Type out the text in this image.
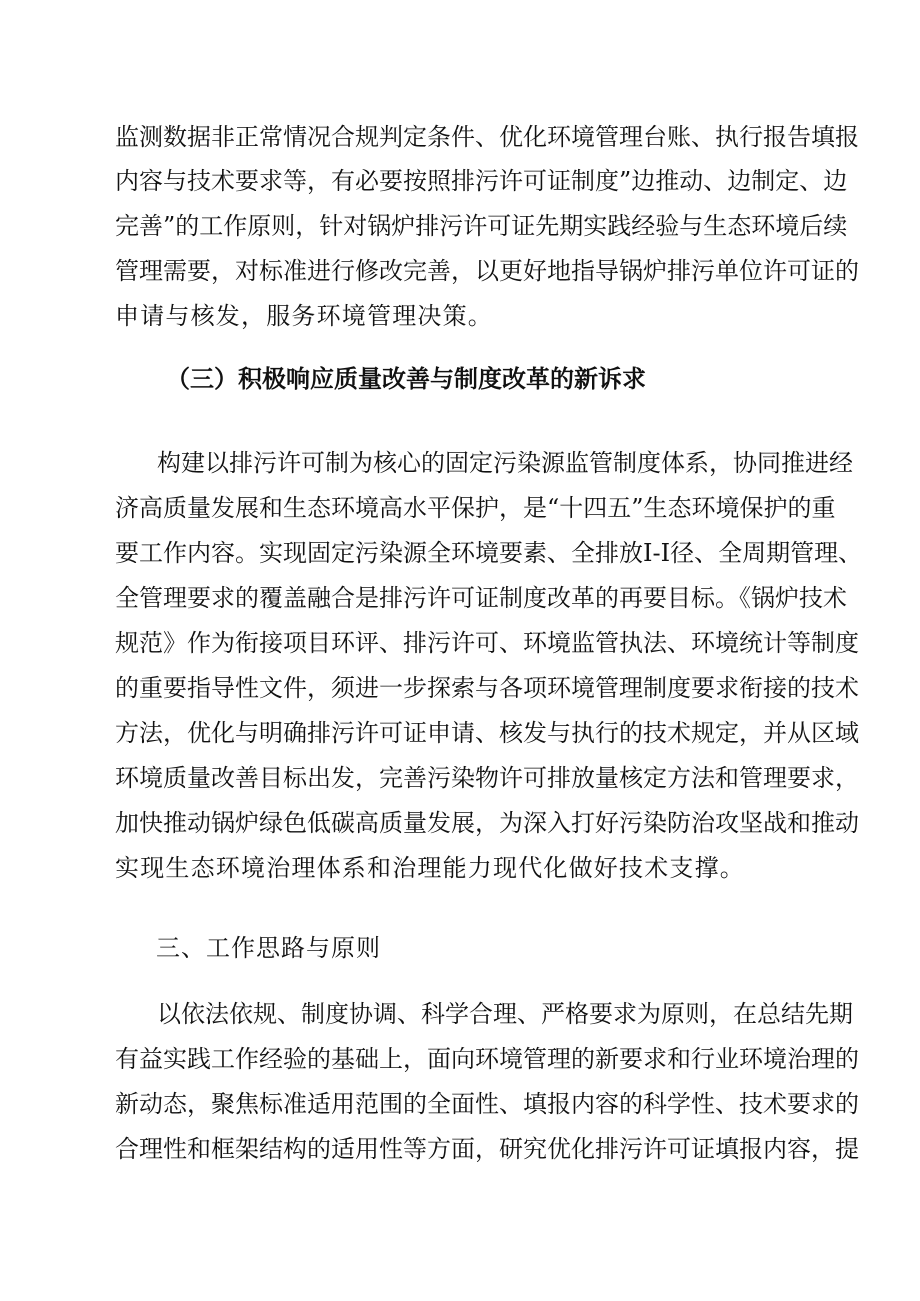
监测数据非正常情况合规判定条件、优化环境管理台账、执行报告填报
内容与技术要求等，有必要按照排污许可证制度”边推动、边制定、边
完善”的工作原则，针对锅炉排污许可证先期实践经验与生态环境后续
管理需要，对标准进行修改完善，以更好地指导锅炉排污单位许可证的
申请与核发，服务环境管理决策。
（三）积极响应质量改善与制度改革的新诉求
构建以排污许可制为核心的固定污染源监管制度体系，协同推进经
济高质量发展和生态环境高水平保护，是“十四五”生态环境保护的重
要工作内容。实现固定污染源全环境要素、全排放I-I径、全周期管理、
全管理要求的覆盖融合是排污许可证制度改革的再要目标。《锅炉技术
规范》作为衔接项目环评、排污许可、环境监管执法、环境统计等制度
的重要指导性文件，须进一步探索与各项环境管理制度要求衔接的技术
方法，优化与明确排污许可证申请、核发与执行的技术规定，并从区域
环境质量改善目标出发，完善污染物许可排放量核定方法和管理要求，
加快推动锅炉绿色低碳高质量发展，为深入打好污染防治攻坚战和推动
实现生态环境治理体系和治理能力现代化做好技术支撑。
三、工作思路与原则
以依法依规、制度协调、科学合理、严格要求为原则，在总结先期
有益实践工作经验的基础上，面向环境管理的新要求和行业环境治理的
新动态，聚焦标准适用范围的全面性、填报内容的科学性、技术要求的
合理性和框架结构的适用性等方面，研究优化排污许可证填报内容，提
